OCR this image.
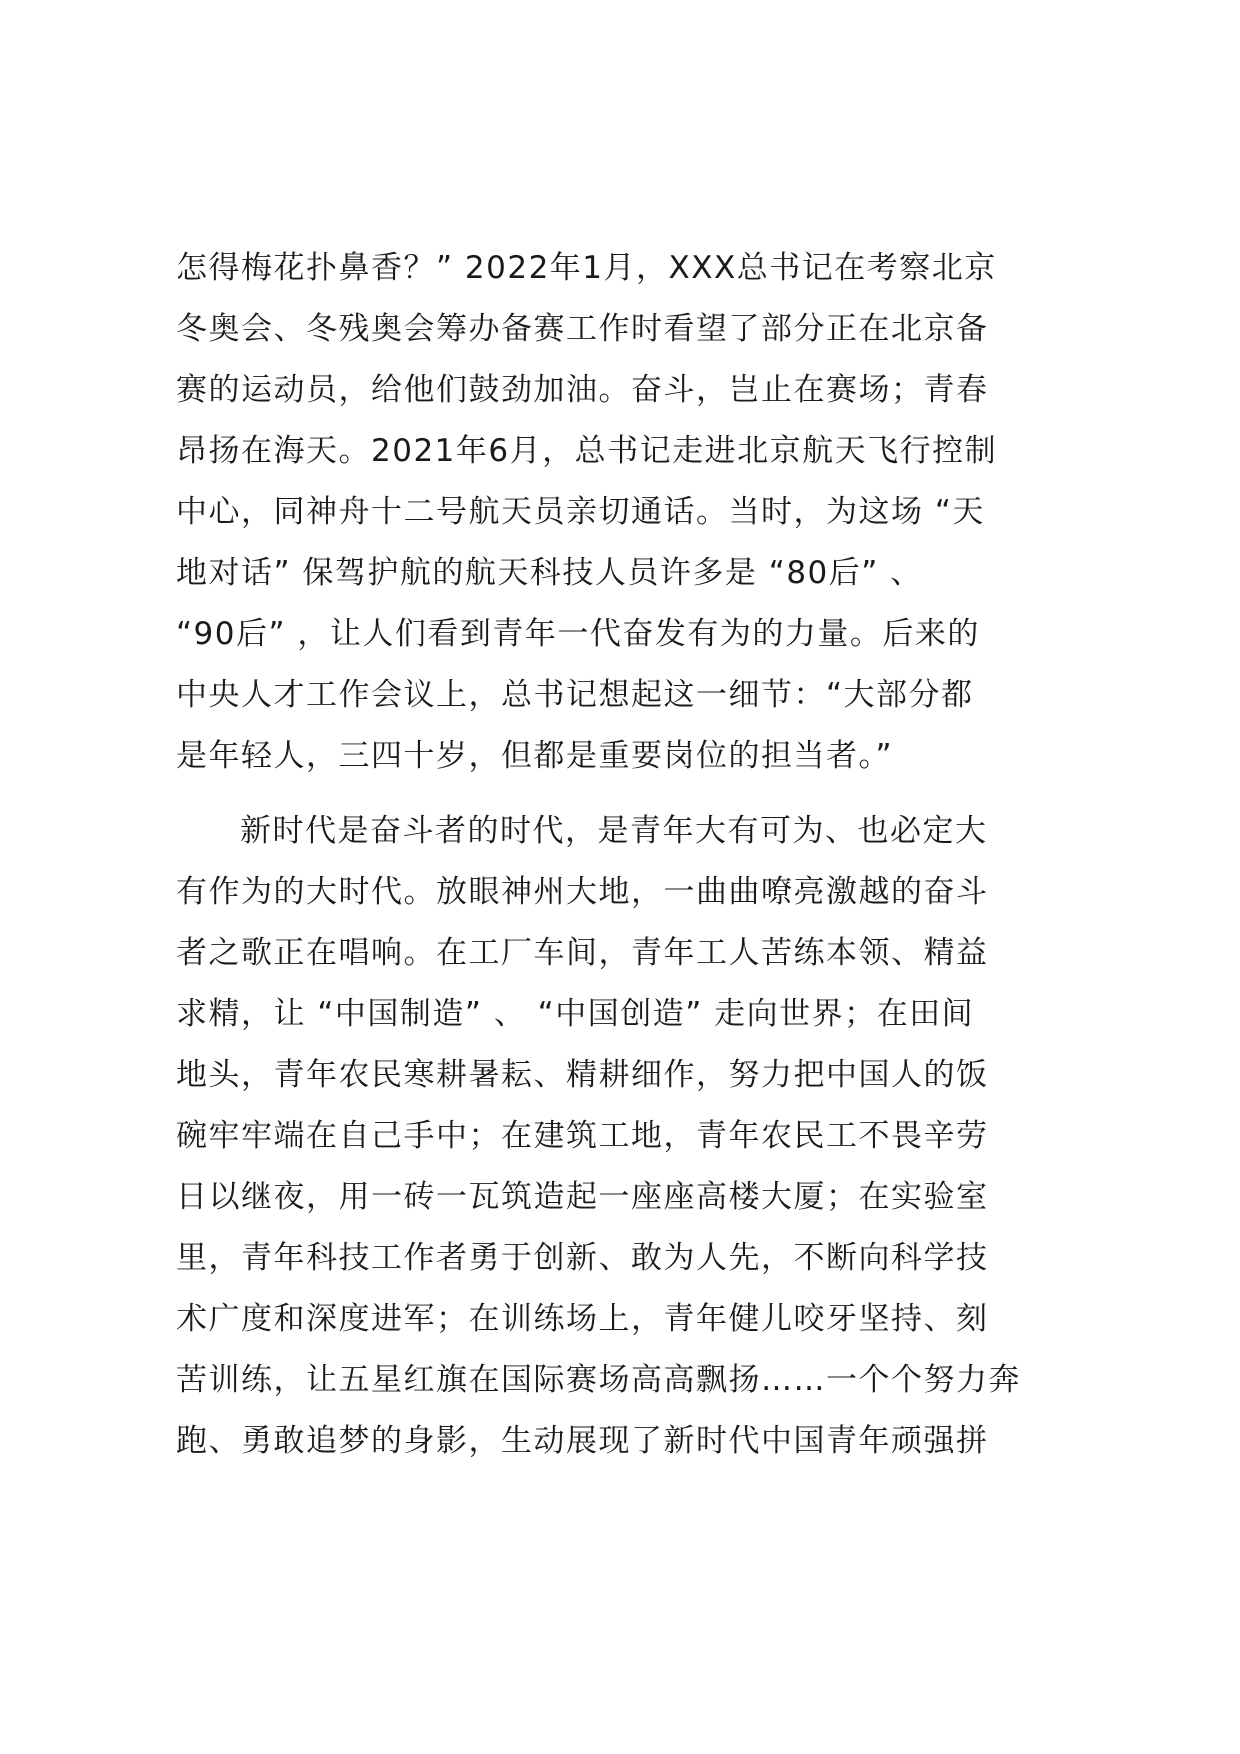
怎得梅花扑鼻香？” 2022年1月，XXX总书记在考察北京
冬奥会、冬残奥会筹办备赛工作时看望了部分正在北京备
赛的运动员，给他们鼓劲加油。奋斗，岂止在赛场；青春
昂扬在海天。2021年6月，总书记走进北京航天飞行控制
中心，同神舟十二号航天员亲切通话。当时，为这场 “天
地对话” 保驾护航的航天科技人员许多是 “80后” 、
“90后” ，让人们看到青年一代奋发有为的力量。后来的
中央人才工作会议上，总书记想起这一细节：“大部分都
是年轻人，三四十岁，但都是重要岗位的担当者。”
新时代是奋斗者的时代，是青年大有可为、也必定大
有作为的大时代。放眼神州大地，一曲曲嘹亮激越的奋斗
者之歌正在唱响。在工厂车间，青年工人苦练本领、精益
求精，让 “中国制造” 、 “中国创造” 走向世界；在田间
地头，青年农民寒耕暑耘、精耕细作，努力把中国人的饭
碗牢牢端在自己手中；在建筑工地，青年农民工不畏辛劳
日以继夜，用一砖一瓦筑造起一座座高楼大厦；在实验室
里，青年科技工作者勇于创新、敢为人先，不断向科学技
术广度和深度进军；在训练场上，青年健儿咬牙坚持、刻
苦训练，让五星红旗在国际赛场高高飘扬……一个个努力奔
跑、勇敢追梦的身影，生动展现了新时代中国青年顽强拼
